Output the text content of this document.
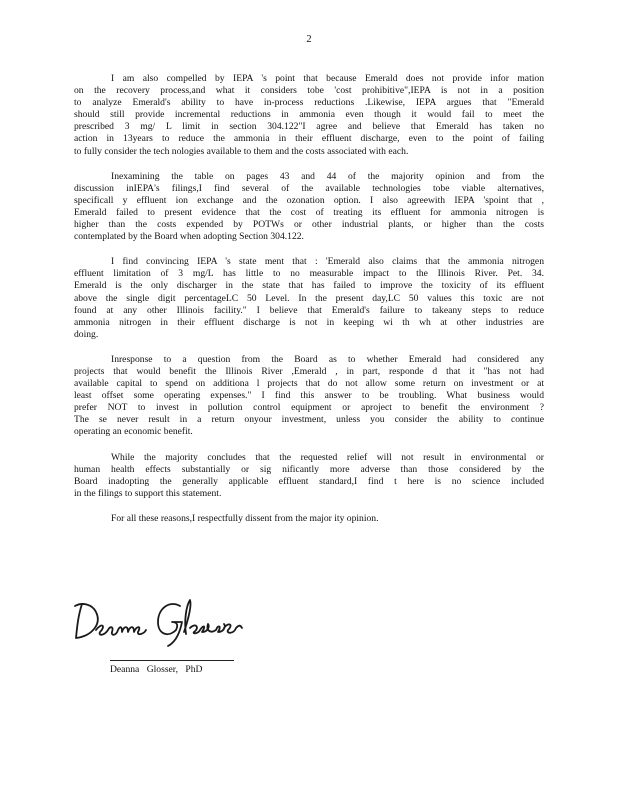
2

I am also compelled by IEPA 's point that because Emerald does not provide infor mation
on the recovery process,and what it considers tobe 'cost prohibitive",IEPA is not in a position
to analyze Emerald's ability to have in-process reductions .Likewise, IEPA argues that "Emerald
should still provide incremental reductions in ammonia even though it would fail to meet the
prescribed 3 mg/ L limit in section 304.122"I agree and believe that Emerald has taken no
action in 13years to reduce the ammonia in their effluent discharge, even to the point of failing
to fully consider the tech nologies available to them and the costs associated with each.

Inexamining the table on pages 43 and 44 of the majority opinion and from the
discussion inIEPA's filings,I find several of the available technologies tobe viable alternatives,
specificall y effluent ion exchange and the ozonation option. I also agreewith IEPA 'spoint that ,
Emerald failed to present evidence that the cost of treating its effluent for ammonia nitrogen is
higher than the costs expended by POTWs or other industrial plants, or higher than the costs
contemplated by the Board when adopting Section 304.122.

I find convincing IEPA 's state ment that : 'Emerald also claims that the ammonia nitrogen
effluent limitation of 3 mg/L has little to no measurable impact to the Illinois River. Pet. 34.
Emerald is the only discharger in the state that has failed to improve the toxicity of its effluent
above the single digit percentageLC 50 Level. In the present day,LC 50 values this toxic are not
found at any other Illinois facility." I believe that Emerald's failure to takeany steps to reduce
ammonia nitrogen in their effluent discharge is not in keeping wi th wh at other industries are
doing.

Inresponse to a question from the Board as to whether Emerald had considered any
projects that would benefit the Illinois River ,Emerald , in part, responde d that it "has not had
available capital to spend on additiona l projects that do not allow some return on investment or at
least offset some operating expenses." I find this answer to be troubling. What business would
prefer NOT to invest in pollution control equipment or aproject to benefit the environment ?
The se never result in a return onyour investment, unless you consider the ability to continue
operating an economic benefit.

While the majority concludes that the requested relief will not result in environmental or
human health effects substantially or sig nificantly more adverse than those considered by the
Board inadopting the generally applicable effluent standard,I find t here is no science included
in the filings to support this statement.

For all these reasons,I respectfully dissent from the major ity opinion.

Deanna Glosser, PhD
